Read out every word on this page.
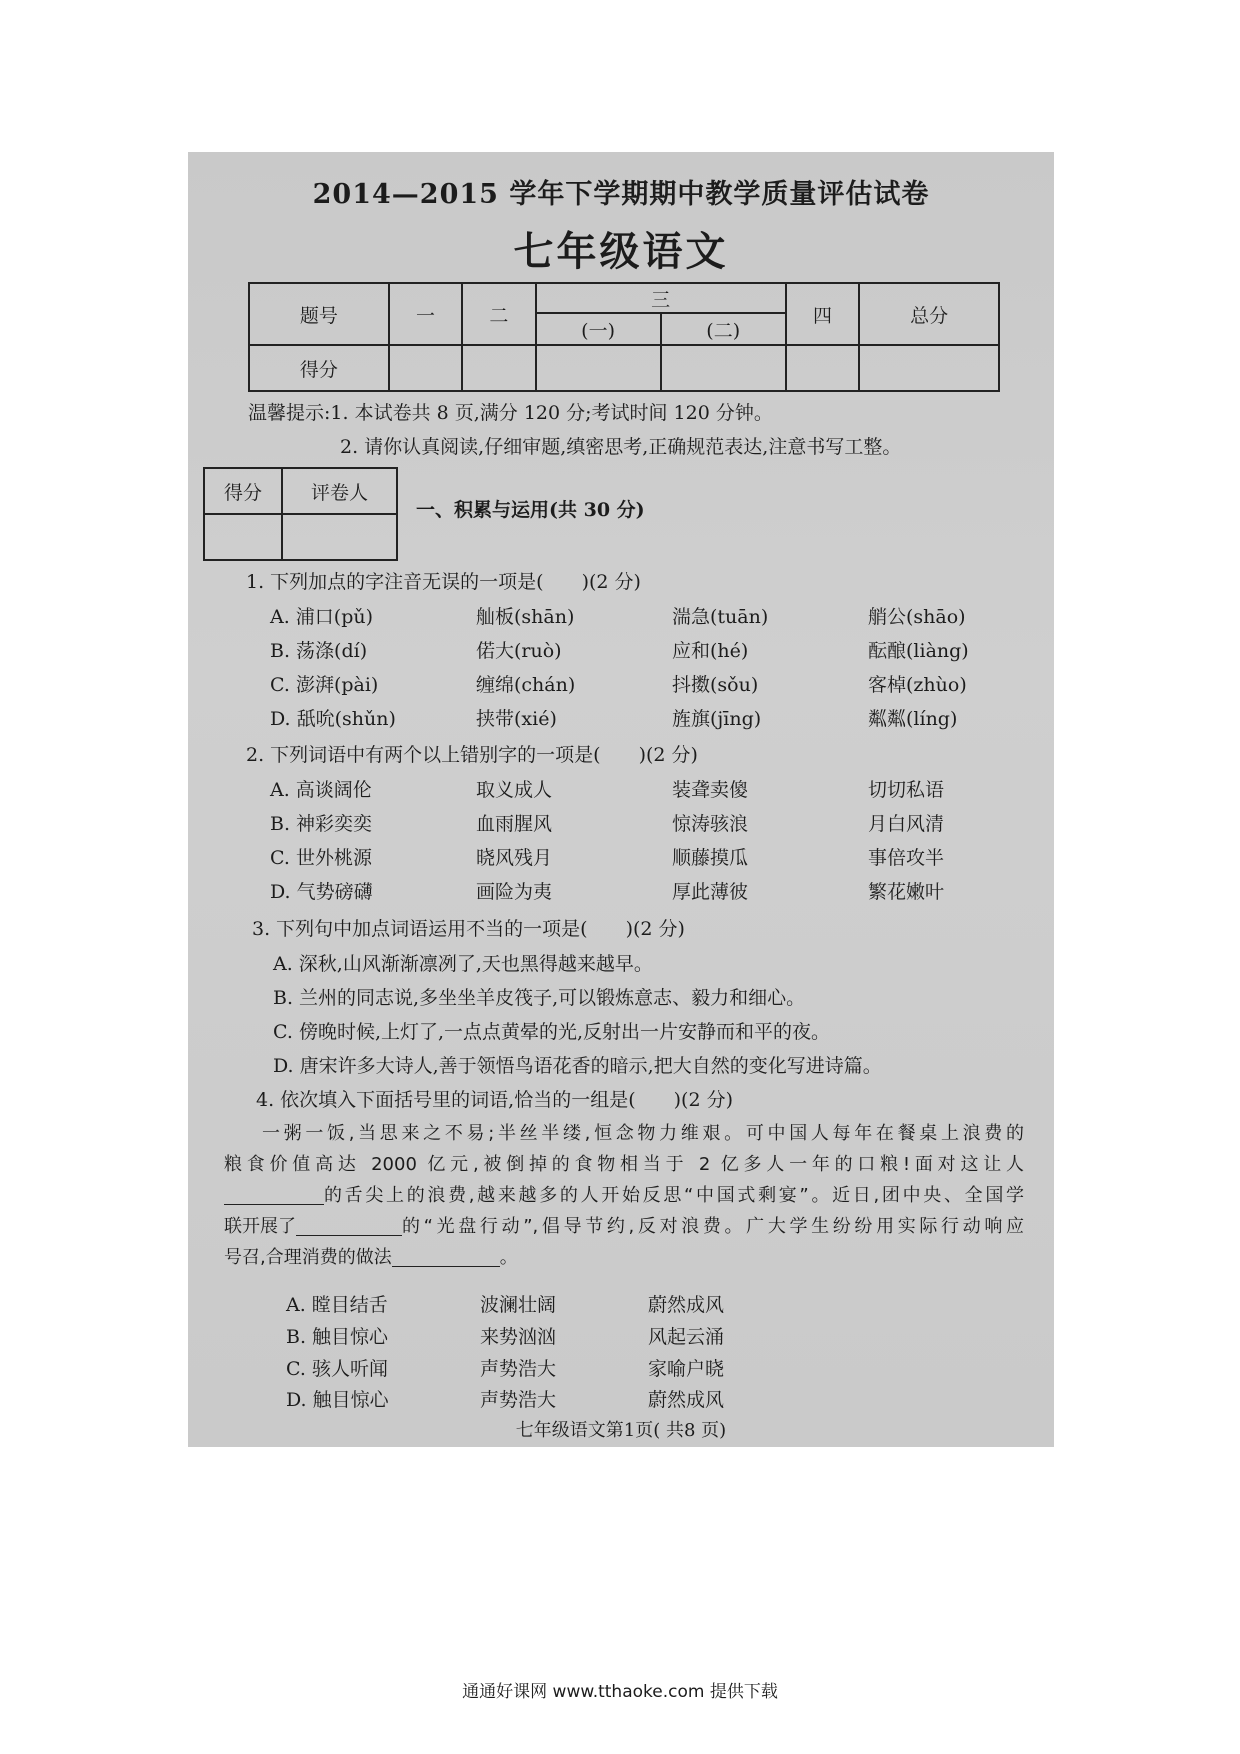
2014—2015 学年下学期期中教学质量评估试卷
七年级语文
题号	一	二	三		四	总分
			(一)	(二)		
得分						
温馨提示:1. 本试卷共 8 页,满分 120 分;考试时间 120 分钟。
2. 请你认真阅读,仔细审题,缜密思考,正确规范表达,注意书写工整。
得分	评卷人

一、积累与运用(共 30 分)
1. 下列加点的字注音无误的一项是(　　)(2 分)
A. 浦口(pǔ)	舢板(shān)	湍急(tuān)	艄公(shāo)
B. 荡涤(dí)	偌大(ruò)	应和(hé)	酝酿(liàng)
C. 澎湃(pài)	缠绵(chán)	抖擞(sǒu)	客棹(zhùo)
D. 舐吮(shǔn)	挟带(xié)	旌旗(jīng)	粼粼(líng)
2. 下列词语中有两个以上错别字的一项是(　　)(2 分)
A. 高谈阔伦	取义成人	装聋卖傻	切切私语
B. 神彩奕奕	血雨腥风	惊涛骇浪	月白风清
C. 世外桃源	晓风残月	顺藤摸瓜	事倍攻半
D. 气势磅礴	画险为夷	厚此薄彼	繁花嫩叶
3. 下列句中加点词语运用不当的一项是(　　)(2 分)
A. 深秋,山风渐渐凛冽了,天也黑得越来越早。
B. 兰州的同志说,多坐坐羊皮筏子,可以锻炼意志、毅力和细心。
C. 傍晚时候,上灯了,一点点黄晕的光,反射出一片安静而和平的夜。
D. 唐宋许多大诗人,善于领悟鸟语花香的暗示,把大自然的变化写进诗篇。
4. 依次填入下面括号里的词语,恰当的一组是(　　)(2 分)
一粥一饭,当思来之不易;半丝半缕,恒念物力维艰。可中国人每年在餐桌上浪费的
粮食价值高达 2000 亿元,被倒掉的食物相当于 2 亿多人一年的口粮!面对这让人
的舌尖上的浪费,越来越多的人开始反思“中国式剩宴”。近日,团中央、全国学
联开展了	的“光盘行动”,倡导节约,反对浪费。广大学生纷纷用实际行动响应
号召,合理消费的做法	。
A. 瞠目结舌	波澜壮阔	蔚然成风
B. 触目惊心	来势汹汹	风起云涌
C. 骇人听闻	声势浩大	家喻户晓
D. 触目惊心	声势浩大	蔚然成风
七年级语文第1页( 共8 页)
通通好课网 www.tthaoke.com 提供下载
